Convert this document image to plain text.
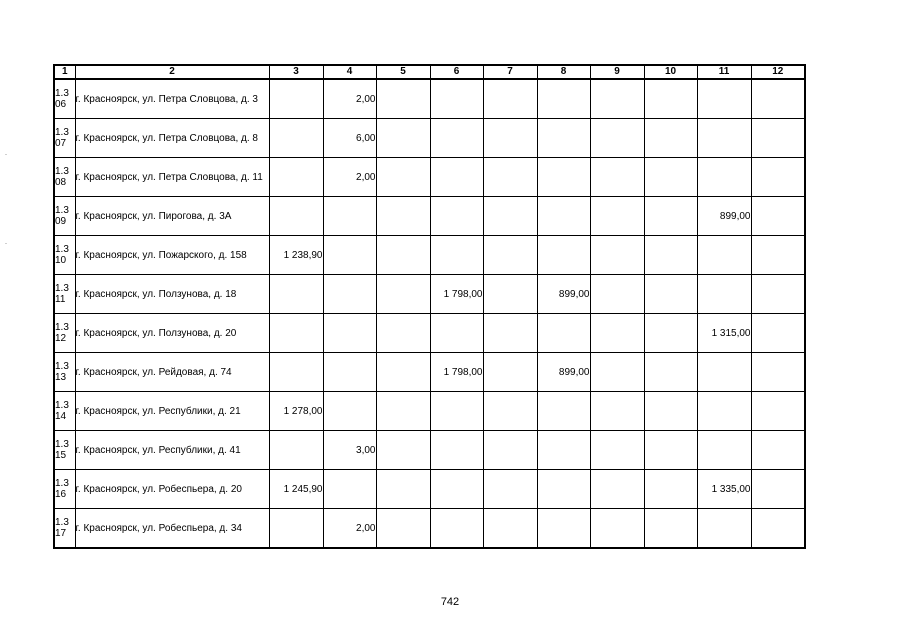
1	2	3	4	5	6	7	8	9	10	11	12
1.3 06	г. Красноярск, ул. Петра Словцова, д. 3		2,00								
1.3 07	г. Красноярск, ул. Петра Словцова, д. 8		6,00								
1.3 08	г. Красноярск, ул. Петра Словцова, д. 11		2,00								
1.3 09	г. Красноярск, ул. Пирогова, д. 3А									899,00	
1.3 10	г. Красноярск, ул. Пожарского, д. 158	1 238,90									
1.3 11	г. Красноярск, ул. Ползунова, д. 18				1 798,00		899,00				
1.3 12	г. Красноярск, ул. Ползунова, д. 20									1 315,00	
1.3 13	г. Красноярск, ул. Рейдовая, д. 74				1 798,00		899,00				
1.3 14	г. Красноярск, ул. Республики, д. 21	1 278,00									
1.3 15	г. Красноярск, ул. Республики, д. 41		3,00								
1.3 16	г. Красноярск, ул. Робеспьера, д. 20	1 245,90								1 335,00	
1.3 17	г. Красноярск, ул. Робеспьера, д. 34		2,00								
742
